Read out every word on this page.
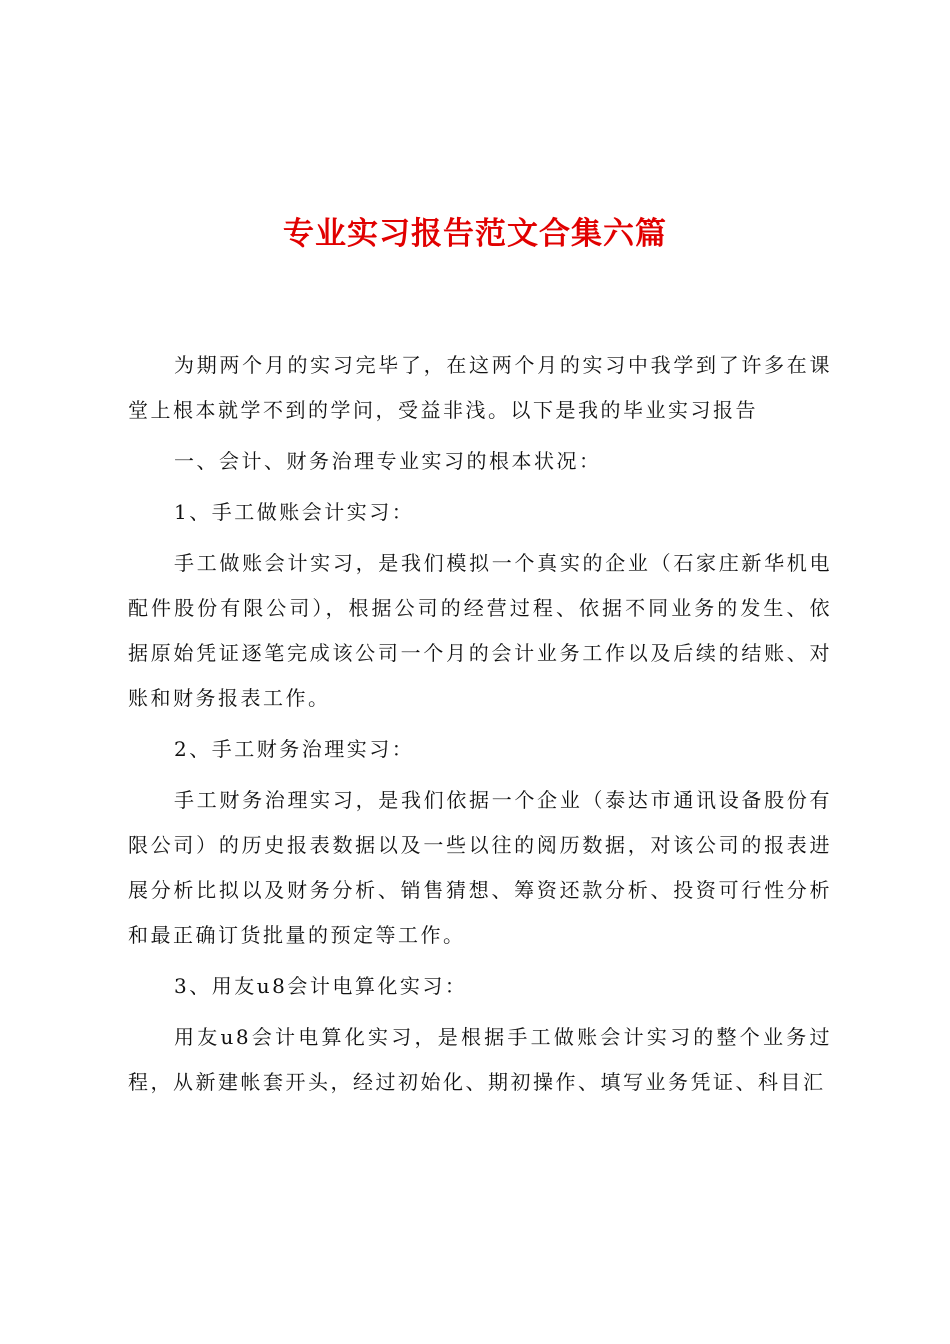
专业实习报告范文合集六篇

为期两个月的实习完毕了，在这两个月的实习中我学到了许多在课堂上根本就学不到的学问，受益非浅。以下是我的毕业实习报告

一、会计、财务治理专业实习的根本状况：

1、手工做账会计实习：

手工做账会计实习，是我们模拟一个真实的企业（石家庄新华机电配件股份有限公司），根据公司的经营过程、依据不同业务的发生、依据原始凭证逐笔完成该公司一个月的会计业务工作以及后续的结账、对账和财务报表工作。

2、手工财务治理实习：

手工财务治理实习，是我们依据一个企业（泰达市通讯设备股份有限公司）的历史报表数据以及一些以往的阅历数据，对该公司的报表进展分析比拟以及财务分析、销售猜想、筹资还款分析、投资可行性分析和最正确订货批量的预定等工作。

3、用友u8会计电算化实习：

用友u8会计电算化实习，是根据手工做账会计实习的整个业务过程，从新建帐套开头，经过初始化、期初操作、填写业务凭证、科目汇
